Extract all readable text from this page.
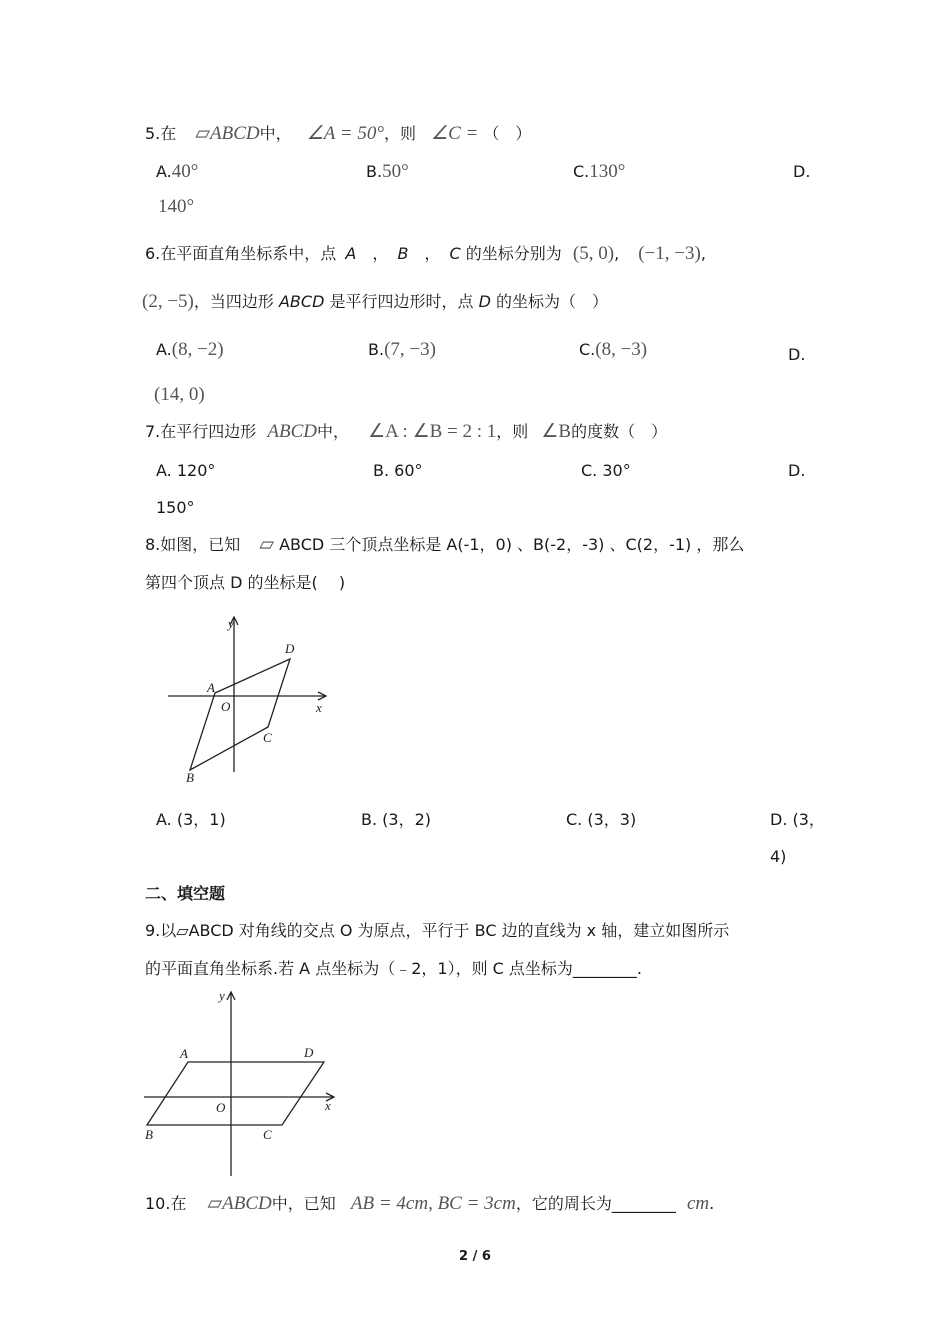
5.在 ▱ABCD中， ∠A = 50°，则 ∠C = （　）
A.40°	B.50°	C.130°	D.
140°
6.在平面直角坐标系中，点 A ， B ， C 的坐标分别为 (5, 0), (−1, −3),
(2, −5)，当四边形 ABCD 是平行四边形时，点 D 的坐标为（　）
A.(8, −2)	B.(7, −3)	C.(8, −3)	D.
(14, 0)
7.在平行四边形 ABCD中， ∠A : ∠B = 2 : 1，则 ∠B的度数（　）
A. 120°	B. 60°	C. 30°	D.
150°
8.如图，已知 ▱ ABCD 三个顶点坐标是 A(-1，0) 、B(-2，-3) 、C(2，-1) ，那么
第四个顶点 D 的坐标是(　 )
y
D
A
O	x
C
B
A. (3，1)	B. (3，2)	C. (3，3)	D. (3，4)
二、填空题
9.以▱ABCD 对角线的交点 O 为原点，平行于 BC 边的直线为 x 轴，建立如图所示
的平面直角坐标系.若 A 点坐标为（﹣2，1），则 C 点坐标为________.
y
A	D
O	x
B	C
10.在 ▱ABCD中，已知 AB = 4cm, BC = 3cm，它的周长为________ cm.
2 / 6
